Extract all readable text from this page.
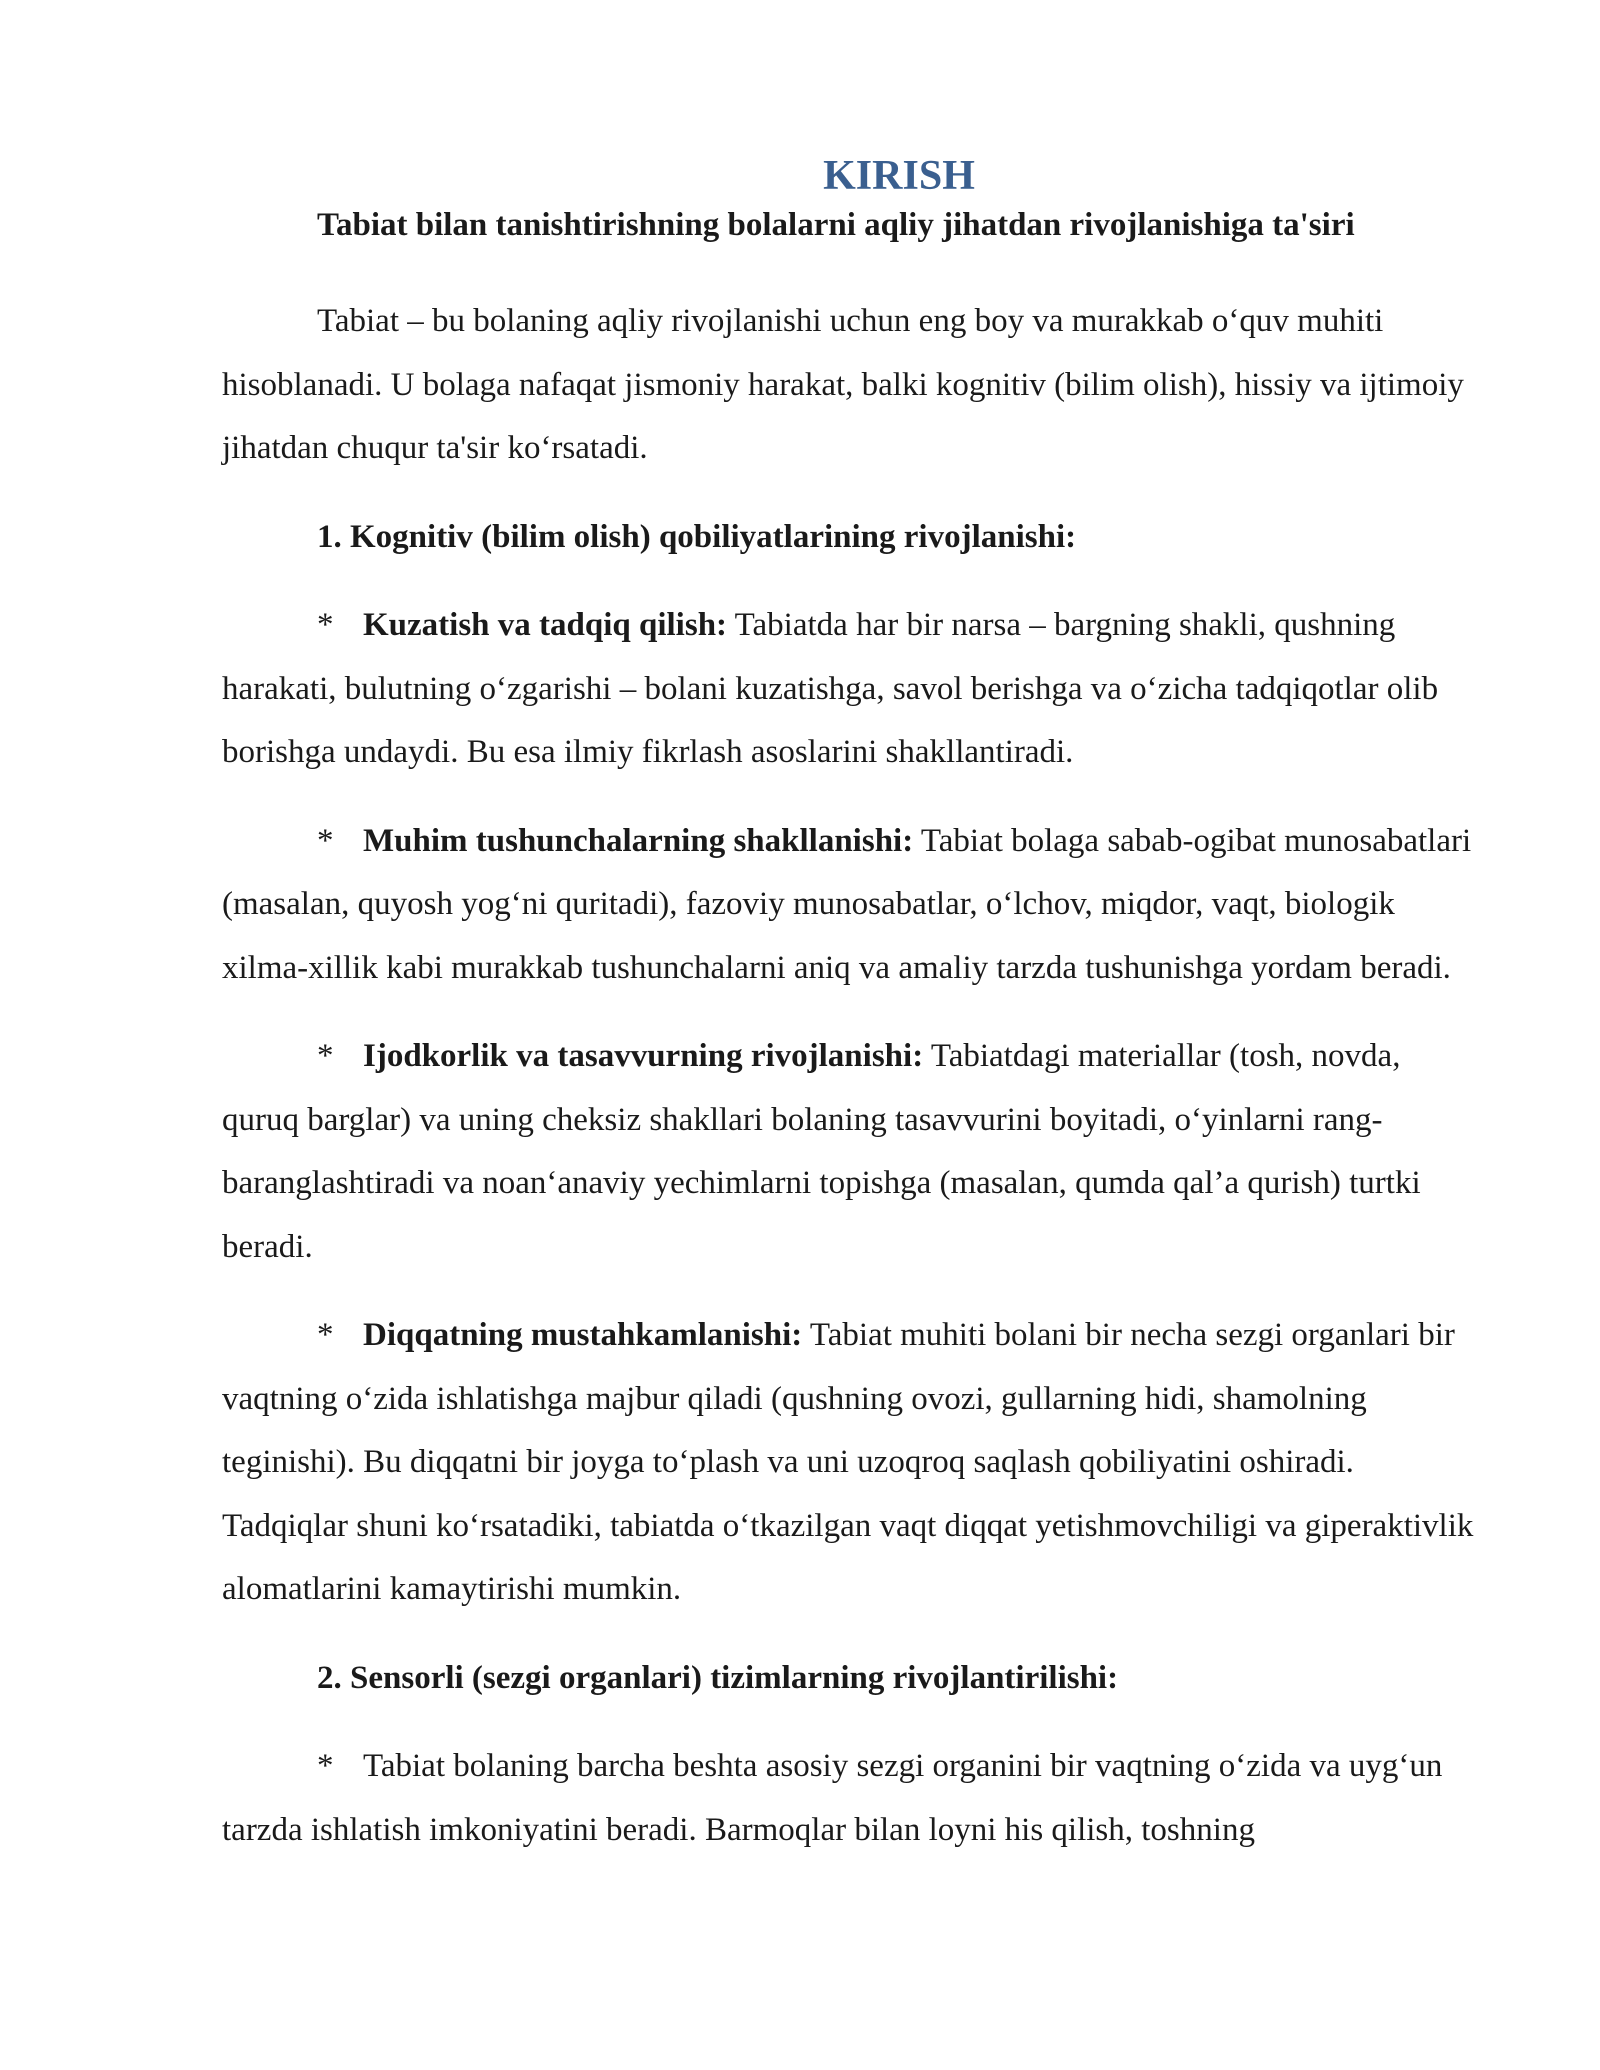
KIRISH

Tabiat bilan tanishtirishning bolalarni aqliy jihatdan rivojlanishiga ta'siri

Tabiat – bu bolaning aqliy rivojlanishi uchun eng boy va murakkab o‘quv muhiti hisoblanadi. U bolaga nafaqat jismoniy harakat, balki kognitiv (bilim olish), hissiy va ijtimoiy jihatdan chuqur ta'sir ko‘rsatadi.

1. Kognitiv (bilim olish) qobiliyatlarining rivojlanishi:

* Kuzatish va tadqiq qilish: Tabiatda har bir narsa – bargning shakli, qushning harakati, bulutning o‘zgarishi – bolani kuzatishga, savol berishga va o‘zicha tadqiqotlar olib borishga undaydi. Bu esa ilmiy fikrlash asoslarini shakllantiradi.

* Muhim tushunchalarning shakllanishi: Tabiat bolaga sabab-ogibat munosabatlari (masalan, quyosh yog‘ni quritadi), fazoviy munosabatlar, o‘lchov, miqdor, vaqt, biologik xilma-xillik kabi murakkab tushunchalarni aniq va amaliy tarzda tushunishga yordam beradi.

* Ijodkorlik va tasavvurning rivojlanishi: Tabiatdagi materiallar (tosh, novda, quruq barglar) va uning cheksiz shakllari bolaning tasavvurini boyitadi, o‘yinlarni rang-baranglashtiradi va noan‘anaviy yechimlarni topishga (masalan, qumda qal’a qurish) turtki beradi.

* Diqqatning mustahkamlanishi: Tabiat muhiti bolani bir necha sezgi organlari bir vaqtning o‘zida ishlatishga majbur qiladi (qushning ovozi, gullarning hidi, shamolning teginishi). Bu diqqatni bir joyga to‘plash va uni uzoqroq saqlash qobiliyatini oshiradi. Tadqiqlar shuni ko‘rsatadiki, tabiatda o‘tkazilgan vaqt diqqat yetishmovchiligi va giperaktivlik alomatlarini kamaytirishi mumkin.

2. Sensorli (sezgi organlari) tizimlarning rivojlantirilishi:

* Tabiat bolaning barcha beshta asosiy sezgi organini bir vaqtning o‘zida va uyg‘un tarzda ishlatish imkoniyatini beradi. Barmoqlar bilan loyni his qilish, toshning
